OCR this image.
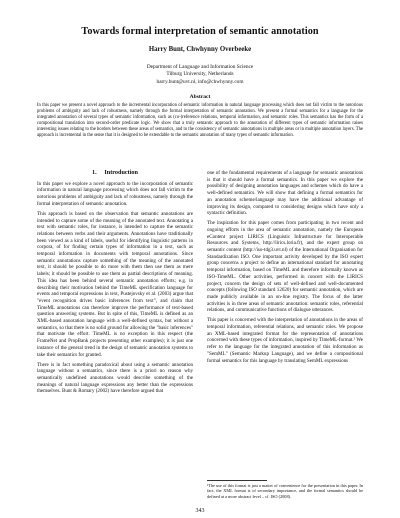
Towards formal interpretation of semantic annotation
Harry Bunt, Chwhynny Overbeeke
Department of Language and Information Science
Tilburg University, Netherlands
harry.bunt@uvt.nl, info@chwhynny.com
Abstract
In this paper we present a novel approach to the incremental incorporation of semantic information in natural language processing which does not fall victim to the notorious problems of ambiguity and lack of robustness, namely through the formal interpretation of semantic annotation. We present a formal semantics for a language for the integrated annotation of several types of semantic information, such as (co-)reference relations, temporal information, and semantic roles. This semantics has the form of a compositional translation into second-order predicate logic. We show that a truly semantic approach to the annotation of different types of semantic information raises interesting issues relating to the borders between these areas of semantics, and to the consistency of semantic annotations in multiple areas or in multiple annotation layers. The approach is incremental in the sense that it is designed to be extendable to the semantic annotation of many types of semantic information.
1.     Introduction

In this paper we explore a novel approach to the incorporation of semantic information in natural language processing which does not fall victim to the notorious problems of ambiguity and lack of robustness, namely through the formal interpretation of semantic annotation.

This approach is based on the observation that semantic annotations are intended to capture some of the meaning of the annotated text. Annotating a text with semantic roles, for instance, is intended to capture the semantic relations between verbs and their arguments. Annotations have traditionally been viewed as a kind of labels, useful for identifying linguistic patterns in corpora, of for finding certain types of information in a text, such as temporal information in documents with temporal annotations. Since semantic annotations capture something of the meaning of the annotated text, it should be possible to do more with them then use them as mere labels; it should be possible to use them as partial descriptions of meaning. This idea has been behind several semantic annotation efforts; e.g. in describing their motivation behind the TimeML specification language for events and temporal expressions in text, Pustejovsky et al. (2003) argue that "event recognition drives basic inferences from text", and claim that TimeML annotations can therefore improve the performance of text-based question answering systems. But in spite of this, TimeML is defined as an XML-based annotation language with a well-defined syntax, but without a semantics, so that there is no solid ground for allowing the "basic inferences" that motivate the effort. TimeML is no exception in this respect (the FrameNet and PropBank projects presenting other examples); it is just one instance of the general trend in the design of semantic annotation systems to take their semantics for granted.

There is in fact something paradoxical about using a semantic annotation language without a semantics, since there is a priori no reason why semantically undefined annotations would describe something of the meanings of natural language expressions any better than the expressions themselves. Bunt & Romary (2002) have therefore argued that

one of the fundamental requirements of a language for semantic annotations is that it should have a formal semantics. In this paper we explore the possibility of designing annotation languages and schemes which do have a well-defined semantics. We will show that defining a formal semantics for an annotation scheme/language may have the additional advantage of improving its design, compared to considering designs which have only a syntactic definition.

The inspiration for this paper comes from participating in two recent and ongoing efforts in the area of semantic annotation, namely the European eContent project LIRICS (Linguistic Infrastructure for Interoperable Resources and Systems, http://lirics.loria.fr), and the expert group on semantic content (http://iso-tdg3.uvt.nl) of the International Organisation for Standardization ISO. One important activity developed by the ISO expert group concerns a project to define an international standard for annotating temporal information, based on TimeML and therefore informally known as ISO-TimeML. Other activities, performed in concert with the LIRICS project, concern the design of sets of well-defined and well-documented concepts (following ISO standard 12620) for semantic annotation, which are made publicly available in an on-line registry. The focus of the latter activities is in three areas of semantic annotation: semantic roles, referential relations, and communicative functions of dialogue utterances.

This paper is concerned with the interpretation of annotations in the areas of temporal information, referential relations, and semantic roles. We propose an XML-based integrated format for the representation of annotations concerned with these types of information, inspired by TimeML-format.¹ We refer to the language for the integrated annotation of this information as "SemML" (Semantic Markup Language), and we define a compositional formal semantics for this language by translating SemML expressions

¹The use of this format is just a matter of convenience for the presentation in this paper. In fact, the XML format is of secondary importance, and the formal semantics should be defined at a more abstract level – cf. ISO (2008).
343
